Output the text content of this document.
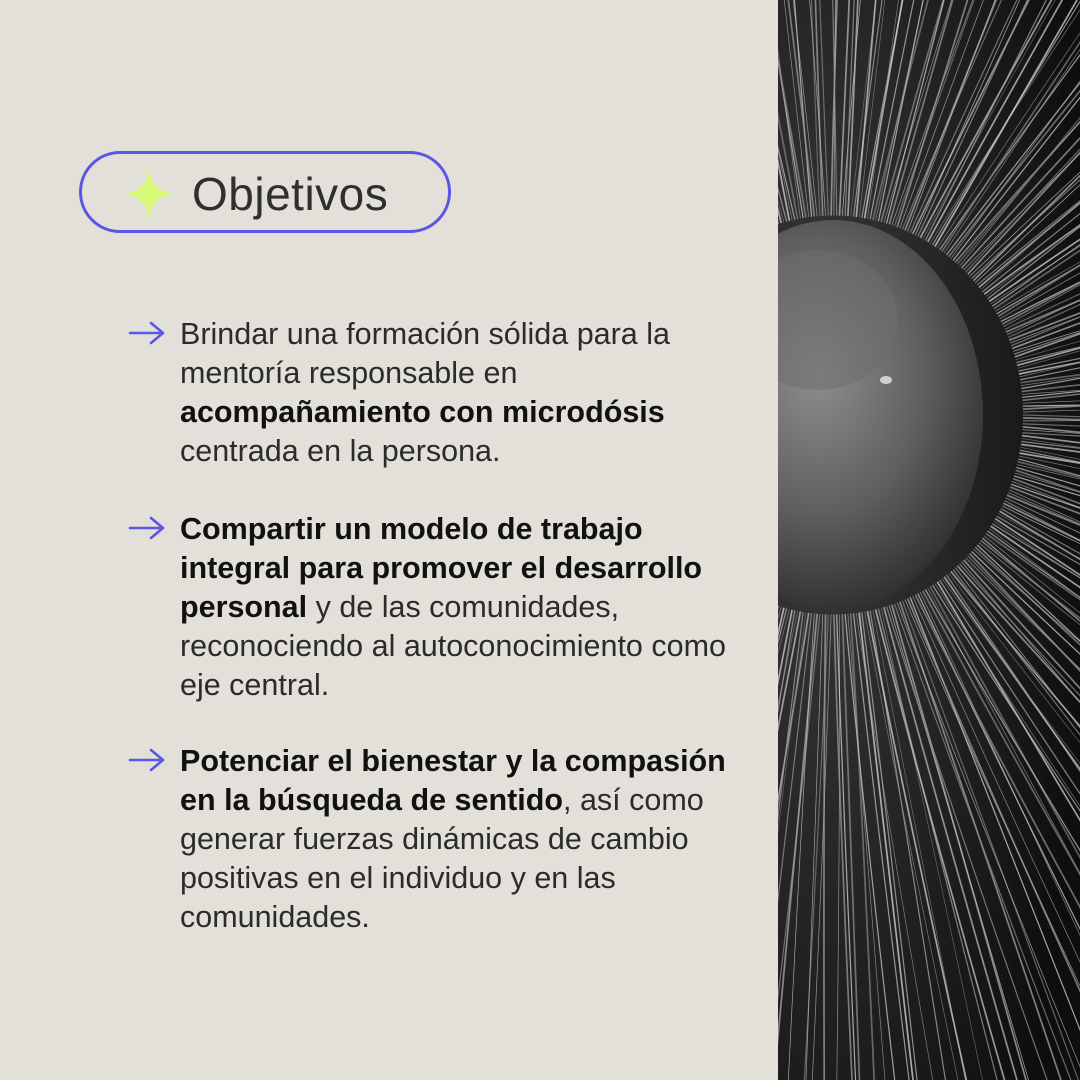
Objetivos
Brindar una formación sólida para la mentoría responsable en acompañamiento con microdósis centrada en la persona.
Compartir un modelo de trabajo integral para promover el desarrollo personal y de las comunidades, reconociendo al autoconocimiento como eje central.
Potenciar el bienestar y la compasión en la búsqueda de sentido, así como generar fuerzas dinámicas de cambio positivas en el individuo y en las comunidades.
